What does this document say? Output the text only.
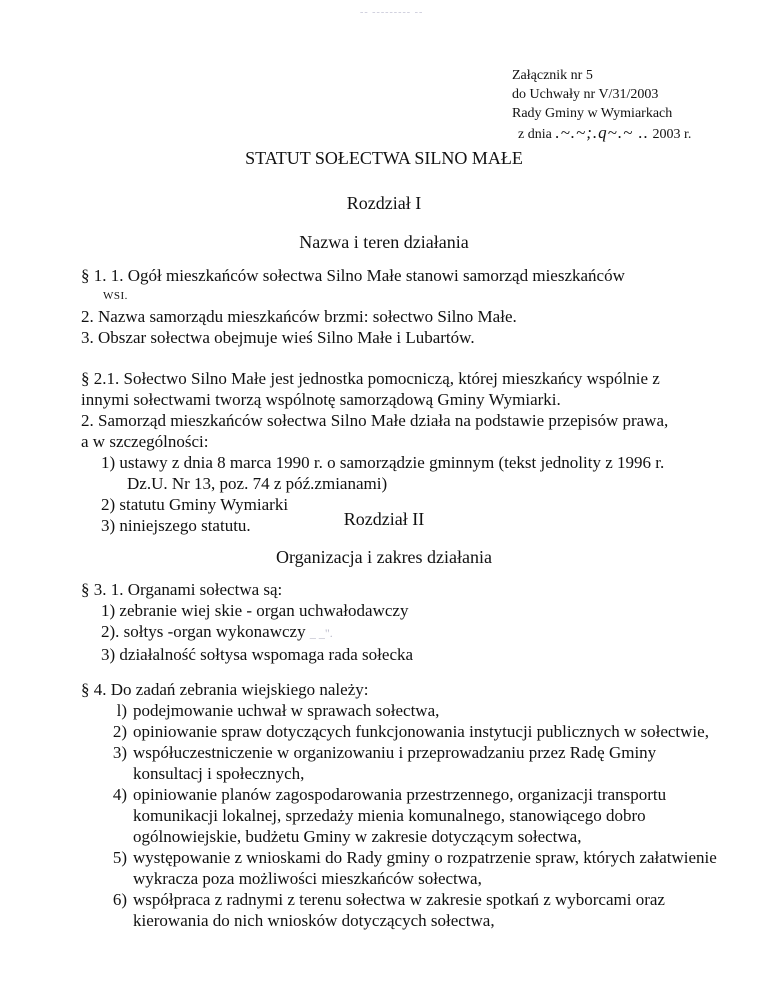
-- --------- --
Załącznik nr 5
do Uchwały nr V/31/2003
Rady Gminy w Wymiarkach
z dnia .~.~;.q~.~ .. 2003 r.
STATUT SOŁECTWA SILNO MAŁE
Rozdział I
Nazwa i teren działania

§ 1. 1. Ogół mieszkańców sołectwa Silno Małe stanowi samorząd mieszkańców

WSI.

2. Nazwa samorządu mieszkańców brzmi: sołectwo Silno Małe.

3. Obszar sołectwa obejmuje wieś Silno Małe i Lubartów.

§ 2.1. Sołectwo Silno Małe jest jednostka pomocniczą, której mieszkańcy wspólnie z

innymi sołectwami tworzą wspólnotę samorządową Gminy Wymiarki.

2. Samorząd mieszkańców sołectwa Silno Małe działa na podstawie przepisów prawa,

a w szczególności:

1) ustawy z dnia 8 marca 1990 r. o samorządzie gminnym (tekst jednolity z 1996 r.

Dz.U. Nr 13, poz. 74 z póź.zmianami)

2) statutu Gminy Wymiarki

3) niniejszego statutu.	Rozdział II
Organizacja i zakres działania

§ 3. 1. Organami sołectwa są:

1) zebranie wiej skie - organ uchwałodawczy

2). sołtys -organ wykonawczy _ _".

3) działalność sołtysa wspomaga rada sołecka

§ 4. Do zadań zebrania wiejskiego należy:

l) podejmowanie uchwał w sprawach sołectwa,
2) opiniowanie spraw dotyczących funkcjonowania instytucji publicznych w sołectwie,
3) współuczestniczenie w organizowaniu i przeprowadzaniu przez Radę Gminy konsultacj i społecznych,
4) opiniowanie planów zagospodarowania przestrzennego, organizacji transportu komunikacji lokalnej, sprzedaży mienia komunalnego, stanowiącego dobro ogólnowiejskie, budżetu Gminy w zakresie dotyczącym sołectwa,
5) występowanie z wnioskami do Rady gminy o rozpatrzenie spraw, których załatwienie wykracza poza możliwości mieszkańców sołectwa,
6) współpraca z radnymi z terenu sołectwa w zakresie spotkań z wyborcami oraz kierowania do nich wniosków dotyczących sołectwa,
